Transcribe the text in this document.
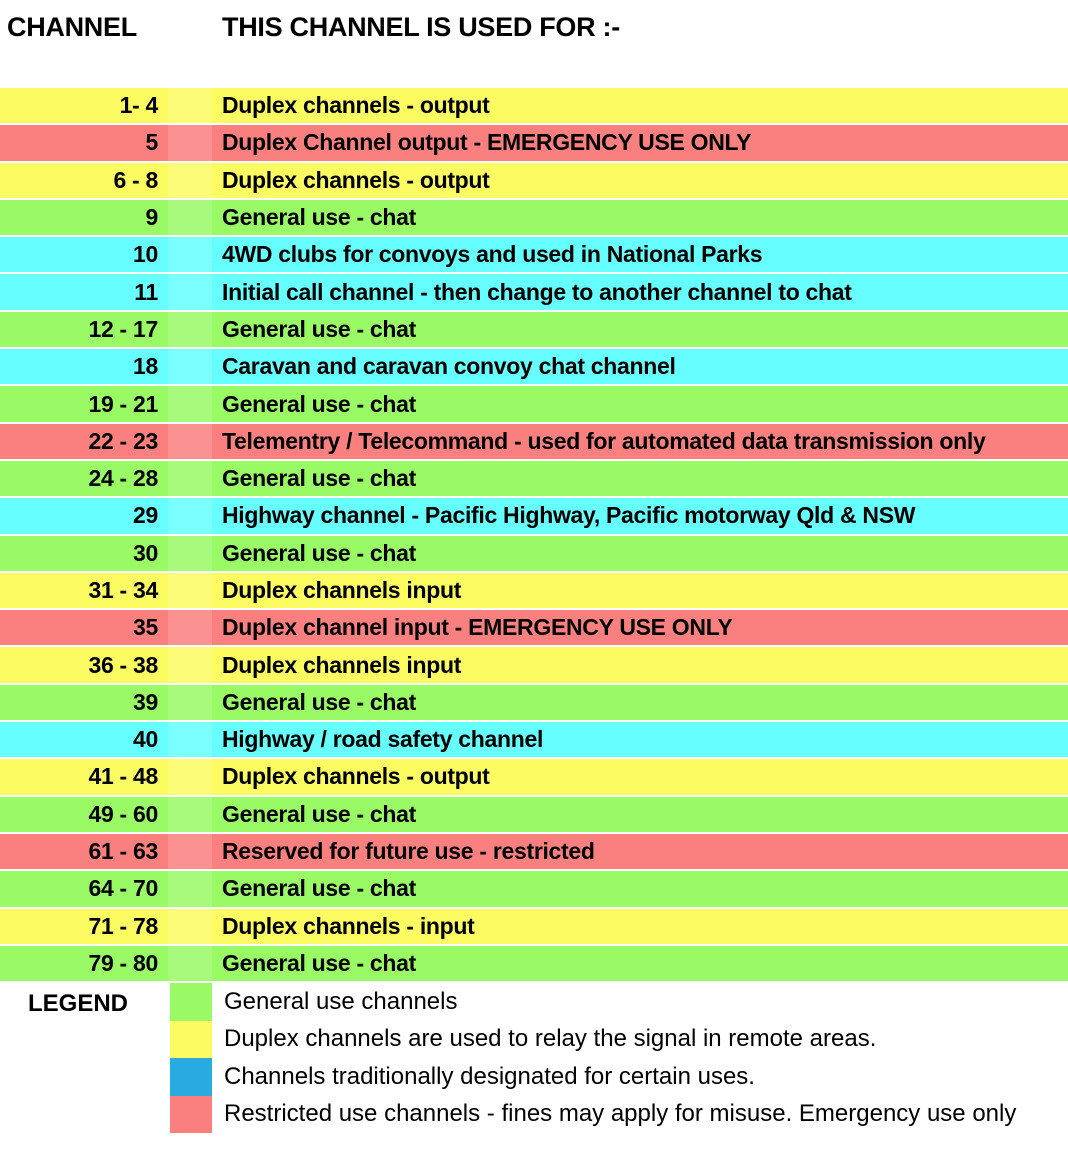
CHANNEL	THIS CHANNEL IS USED FOR :-
1- 4	Duplex channels - output
5	Duplex Channel output - EMERGENCY USE ONLY
6 - 8	Duplex channels - output
9	General use - chat
10	4WD clubs for convoys and used in National Parks
11	Initial call channel - then change to another channel to chat
12 - 17	General use - chat
18	Caravan and caravan convoy chat channel
19 - 21	General use - chat
22 - 23	Telementry / Telecommand - used for automated data transmission only
24 - 28	General use - chat
29	Highway channel - Pacific Highway, Pacific motorway Qld & NSW
30	General use - chat
31 - 34	Duplex channels input
35	Duplex channel input - EMERGENCY USE ONLY
36 - 38	Duplex channels input
39	General use - chat
40	Highway / road safety channel
41 - 48	Duplex channels - output
49 - 60	General use - chat
61 - 63	Reserved for future use - restricted
64 - 70	General use - chat
71 - 78	Duplex channels - input
79 - 80	General use - chat
LEGEND	General use channels
Duplex channels are used to relay the signal in remote areas.
Channels traditionally designated for certain uses.
Restricted use channels - fines may apply for misuse. Emergency use only
